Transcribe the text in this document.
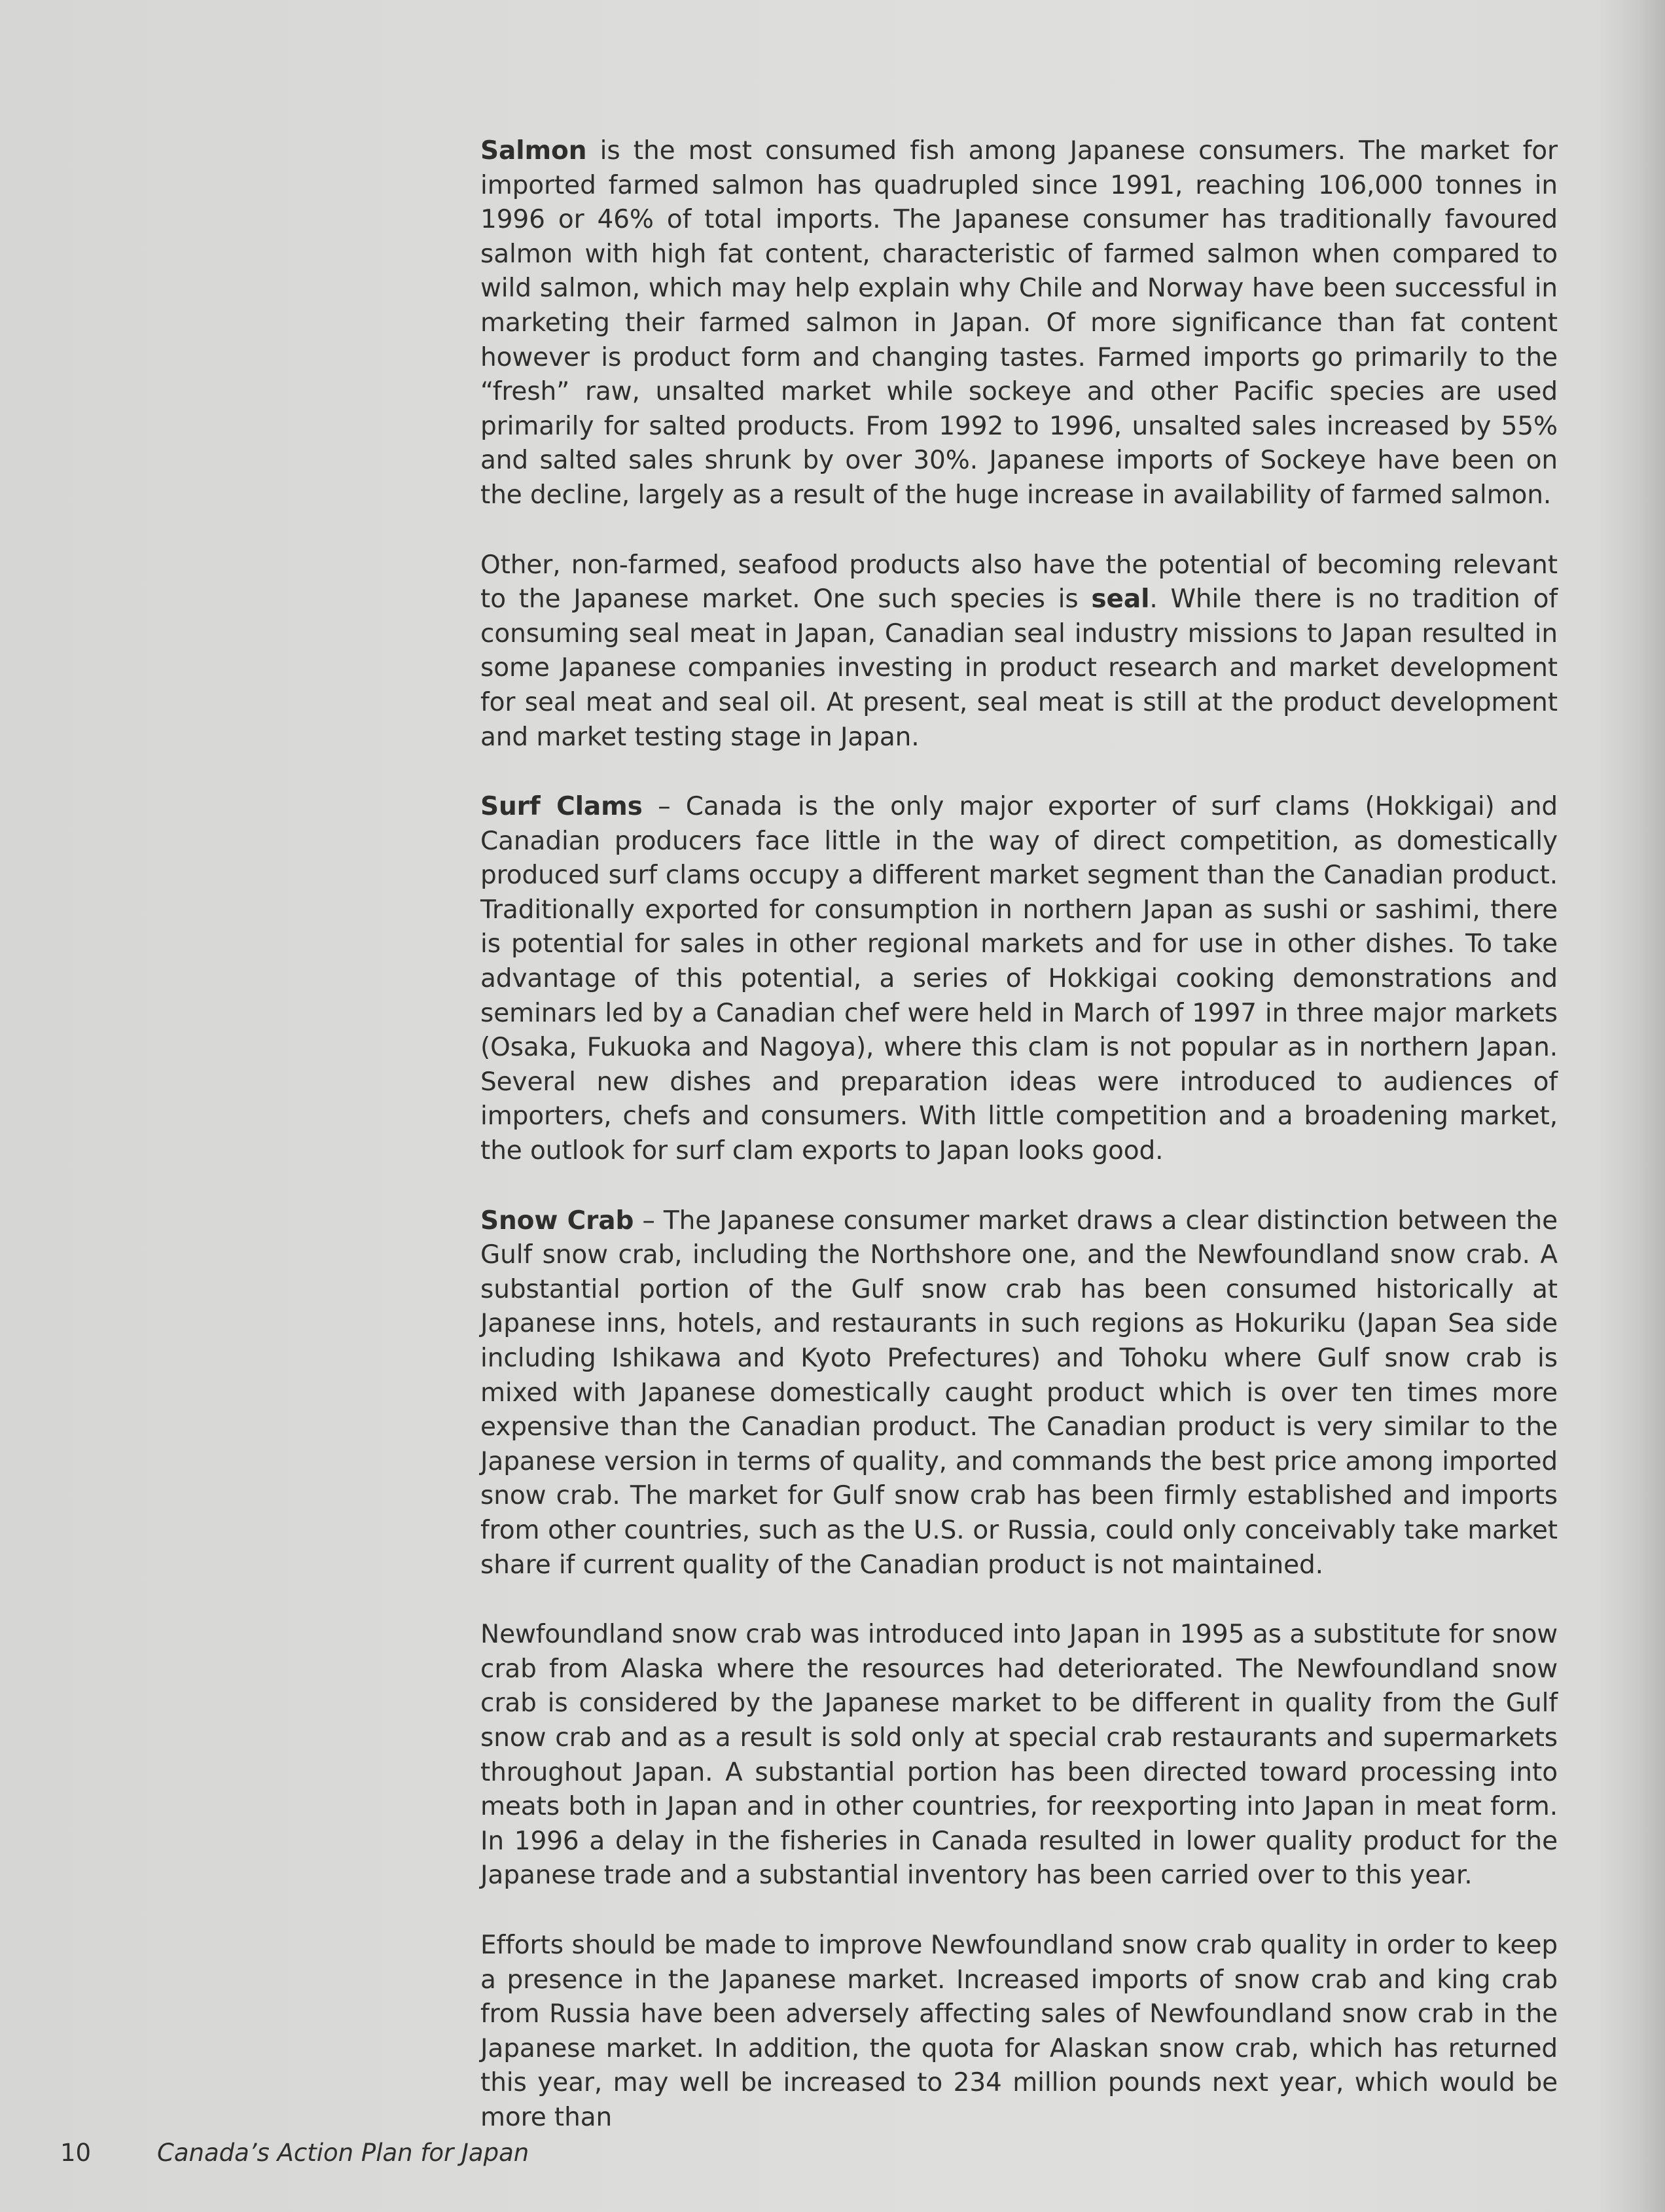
Salmon is the most consumed fish among Japanese consumers. The market for imported farmed salmon has quadrupled since 1991, reaching 106,000 tonnes in 1996 or 46% of total imports. The Japanese consumer has traditionally favoured salmon with high fat content, characteristic of farmed salmon when compared to wild salmon, which may help explain why Chile and Norway have been successful in marketing their farmed salmon in Japan. Of more significance than fat content however is product form and changing tastes. Farmed imports go primarily to the “fresh” raw, unsalted market while sockeye and other Pacific species are used primarily for salted products. From 1992 to 1996, unsalted sales increased by 55% and salted sales shrunk by over 30%. Japanese imports of Sockeye have been on the decline, largely as a result of the huge increase in availability of farmed salmon.

Other, non-farmed, seafood products also have the potential of becoming relevant to the Japanese market. One such species is seal. While there is no tradition of consuming seal meat in Japan, Canadian seal industry missions to Japan resulted in some Japanese companies investing in product research and market development for seal meat and seal oil. At present, seal meat is still at the product development and market testing stage in Japan.

Surf Clams – Canada is the only major exporter of surf clams (Hokkigai) and Canadian producers face little in the way of direct competition, as domestically produced surf clams occupy a different market segment than the Canadian product. Traditionally exported for consumption in northern Japan as sushi or sashimi, there is potential for sales in other regional markets and for use in other dishes. To take advantage of this potential, a series of Hokkigai cooking demonstrations and seminars led by a Canadian chef were held in March of 1997 in three major markets (Osaka, Fukuoka and Nagoya), where this clam is not popular as in northern Japan. Several new dishes and preparation ideas were introduced to audiences of importers, chefs and consumers. With little competition and a broadening market, the outlook for surf clam exports to Japan looks good.

Snow Crab – The Japanese consumer market draws a clear distinction between the Gulf snow crab, including the Northshore one, and the Newfoundland snow crab. A substantial portion of the Gulf snow crab has been consumed historically at Japanese inns, hotels, and restaurants in such regions as Hokuriku (Japan Sea side including Ishikawa and Kyoto Prefectures) and Tohoku where Gulf snow crab is mixed with Japanese domestically caught product which is over ten times more expensive than the Canadian product. The Canadian product is very similar to the Japanese version in terms of quality, and commands the best price among imported snow crab. The market for Gulf snow crab has been firmly established and imports from other countries, such as the U.S. or Russia, could only conceivably take market share if current quality of the Canadian product is not maintained.

Newfoundland snow crab was introduced into Japan in 1995 as a substitute for snow crab from Alaska where the resources had deteriorated. The Newfoundland snow crab is considered by the Japanese market to be different in quality from the Gulf snow crab and as a result is sold only at special crab restaurants and supermarkets throughout Japan. A substantial portion has been directed toward processing into meats both in Japan and in other countries, for reexporting into Japan in meat form. In 1996 a delay in the fisheries in Canada resulted in lower quality product for the Japanese trade and a substantial inventory has been carried over to this year.

Efforts should be made to improve Newfoundland snow crab quality in order to keep a presence in the Japanese market. Increased imports of snow crab and king crab from Russia have been adversely affecting sales of Newfoundland snow crab in the Japanese market. In addition, the quota for Alaskan snow crab, which has returned this year, may well be increased to 234 million pounds next year, which would be more than

10	Canada’s Action Plan for Japan
